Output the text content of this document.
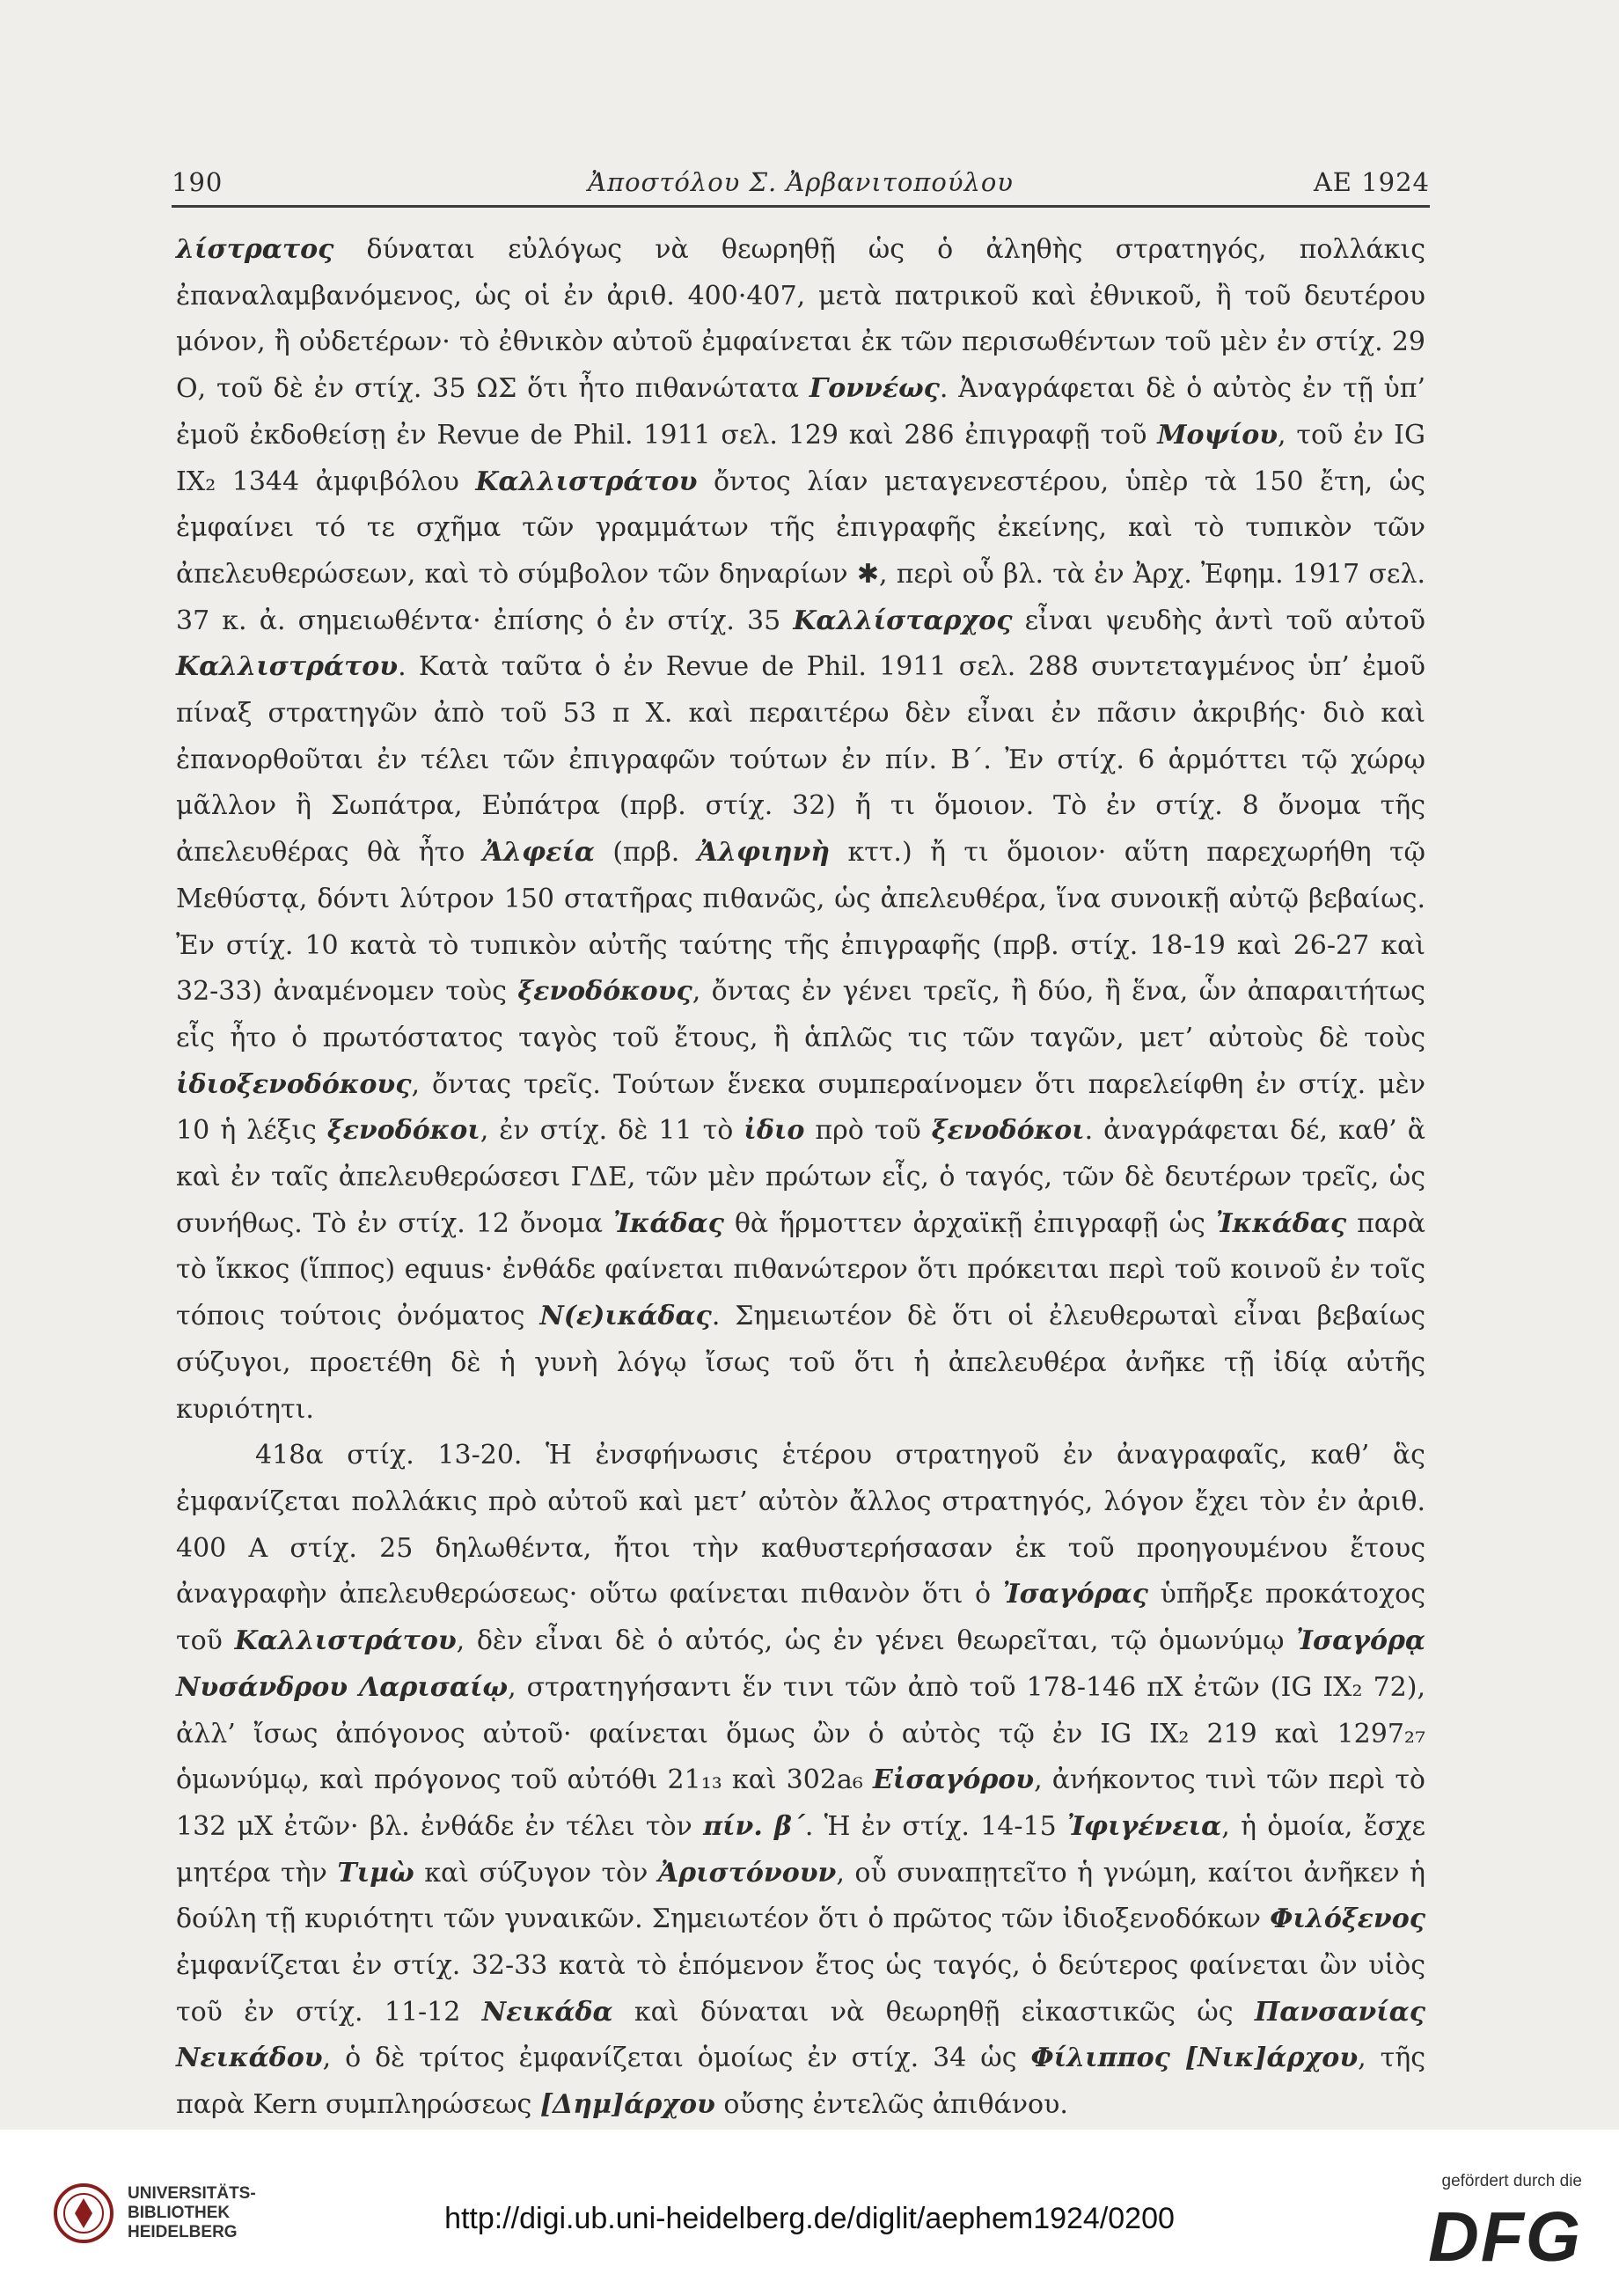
190	Ἀποστόλου Σ. Ἀρβανιτοπούλου	ΑΕ 1924

λίστρατος δύναται εὐλόγως νὰ θεωρηθῇ ὡς ὁ ἀληθὴς στρατηγός, πολλάκις ἐπαναλαμβανόμενος, ὡς οἱ ἐν ἀριθ. 400·407, μετὰ πατρικοῦ καὶ ἐθνικοῦ, ἢ τοῦ δευτέρου μόνον, ἢ οὐδετέρων· τὸ ἐθνικὸν αὐτοῦ ἐμφαίνεται ἐκ τῶν περισωθέντων τοῦ μὲν ἐν στίχ. 29 Ο, τοῦ δὲ ἐν στίχ. 35 ΩΣ ὅτι ἦτο πιθανώτατα Γοννέως. Ἀναγράφεται δὲ ὁ αὐτὸς ἐν τῇ ὑπ’ ἐμοῦ ἐκδοθείσῃ ἐν Revue de Phil. 1911 σελ. 129 καὶ 286 ἐπιγραφῇ τοῦ Μοψίου, τοῦ ἐν IG IX₂ 1344 ἀμφιβόλου Καλλιστράτου ὄντος λίαν μεταγενεστέρου, ὑπὲρ τὰ 150 ἔτη, ὡς ἐμφαίνει τό τε σχῆμα τῶν γραμμάτων τῆς ἐπιγραφῆς ἐκείνης, καὶ τὸ τυπικὸν τῶν ἀπελευθερώσεων, καὶ τὸ σύμβολον τῶν δηναρίων ✱, περὶ οὗ βλ. τὰ ἐν Ἀρχ. Ἐφημ. 1917 σελ. 37 κ. ἀ. σημειωθέντα· ἐπίσης ὁ ἐν στίχ. 35 Καλλίσταρχος εἶναι ψευδὴς ἀντὶ τοῦ αὐτοῦ Καλλιστράτου. Κατὰ ταῦτα ὁ ἐν Revue de Phil. 1911 σελ. 288 συντεταγμένος ὑπ’ ἐμοῦ πίναξ στρατηγῶν ἀπὸ τοῦ 53 π Χ. καὶ περαιτέρω δὲν εἶναι ἐν πᾶσιν ἀκριβής· διὸ καὶ ἐπανορθοῦται ἐν τέλει τῶν ἐπιγραφῶν τούτων ἐν πίν. Β΄. Ἐν στίχ. 6 ἁρμόττει τῷ χώρῳ μᾶλλον ἢ Σωπάτρα, Εὐπάτρα (πρβ. στίχ. 32) ἤ τι ὅμοιον. Τὸ ἐν στίχ. 8 ὄνομα τῆς ἀπελευθέρας θὰ ἦτο Ἀλφεία (πρβ. Ἀλφιηνὴ κττ.) ἤ τι ὅμοιον· αὕτη παρεχωρήθη τῷ Μεθύστᾳ, δόντι λύτρον 150 στατῆρας πιθανῶς, ὡς ἀπελευθέρα, ἵνα συνοικῇ αὐτῷ βεβαίως. Ἐν στίχ. 10 κατὰ τὸ τυπικὸν αὐτῆς ταύτης τῆς ἐπιγραφῆς (πρβ. στίχ. 18-19 καὶ 26-27 καὶ 32-33) ἀναμένομεν τοὺς ξενοδόκους, ὄντας ἐν γένει τρεῖς, ἢ δύο, ἢ ἕνα, ὧν ἀπαραιτήτως εἷς ἦτο ὁ πρωτόστατος ταγὸς τοῦ ἔτους, ἢ ἁπλῶς τις τῶν ταγῶν, μετ’ αὐτοὺς δὲ τοὺς ἰδιοξενοδόκους, ὄντας τρεῖς. Τούτων ἕνεκα συμπεραίνομεν ὅτι παρελείφθη ἐν στίχ. μὲν 10 ἡ λέξις ξενοδόκοι, ἐν στίχ. δὲ 11 τὸ ἰδιο πρὸ τοῦ ξενοδόκοι. ἀναγράφεται δέ, καθ’ ἃ καὶ ἐν ταῖς ἀπελευθερώσεσι ΓΔΕ, τῶν μὲν πρώτων εἷς, ὁ ταγός, τῶν δὲ δευτέρων τρεῖς, ὡς συνήθως. Τὸ ἐν στίχ. 12 ὄνομα Ἰκάδας θὰ ἥρμοττεν ἀρχαϊκῇ ἐπιγραφῇ ὡς Ἰκκάδας παρὰ τὸ ἴκκος (ἵππος) equus· ἐνθάδε φαίνεται πιθανώτερον ὅτι πρόκειται περὶ τοῦ κοινοῦ ἐν τοῖς τόποις τούτοις ὀνόματος Ν(ε)ικάδας. Σημειωτέον δὲ ὅτι οἱ ἐλευθερωταὶ εἶναι βεβαίως σύζυγοι, προετέθη δὲ ἡ γυνὴ λόγῳ ἴσως τοῦ ὅτι ἡ ἀπελευθέρα ἀνῆκε τῇ ἰδίᾳ αὐτῆς κυριότητι.

418α στίχ. 13-20. Ἡ ἐνσφήνωσις ἑτέρου στρατηγοῦ ἐν ἀναγραφαῖς, καθ’ ἃς ἐμφανίζεται πολλάκις πρὸ αὐτοῦ καὶ μετ’ αὐτὸν ἄλλος στρατηγός, λόγον ἔχει τὸν ἐν ἀριθ. 400 Α στίχ. 25 δηλωθέντα, ἤτοι τὴν καθυστερήσασαν ἐκ τοῦ προηγουμένου ἔτους ἀναγραφὴν ἀπελευθερώσεως· οὕτω φαίνεται πιθανὸν ὅτι ὁ Ἰσαγόρας ὑπῆρξε προκάτοχος τοῦ Καλλιστράτου, δὲν εἶναι δὲ ὁ αὐτός, ὡς ἐν γένει θεωρεῖται, τῷ ὁμωνύμῳ Ἰσαγόρᾳ Νυσάνδρου Λαρισαίῳ, στρατηγήσαντι ἕν τινι τῶν ἀπὸ τοῦ 178-146 πΧ ἐτῶν (IG IX₂ 72), ἀλλ’ ἴσως ἀπόγονος αὐτοῦ· φαίνεται ὅμως ὢν ὁ αὐτὸς τῷ ἐν IG IX₂ 219 καὶ 1297₂₇ ὁμωνύμῳ, καὶ πρόγονος τοῦ αὐτόθι 21₁₃ καὶ 302a₆ Εἰσαγόρου, ἀνήκοντος τινὶ τῶν περὶ τὸ 132 μΧ ἐτῶν· βλ. ἐνθάδε ἐν τέλει τὸν πίν. β΄. Ἡ ἐν στίχ. 14-15 Ἰφιγένεια, ἡ ὁμοία, ἔσχε μητέρα τὴν Τιμὼ καὶ σύζυγον τὸν Ἀριστόνουν, οὗ συναπῃτεῖτο ἡ γνώμη, καίτοι ἀνῆκεν ἡ δούλη τῇ κυριότητι τῶν γυναικῶν. Σημειωτέον ὅτι ὁ πρῶτος τῶν ἰδιοξενοδόκων Φιλόξενος ἐμφανίζεται ἐν στίχ. 32-33 κατὰ τὸ ἑπόμενον ἔτος ὡς ταγός, ὁ δεύτερος φαίνεται ὢν υἱὸς τοῦ ἐν στίχ. 11-12 Νεικάδα καὶ δύναται νὰ θεωρηθῇ εἰκαστικῶς ὡς Πανσανίας Νεικάδου, ὁ δὲ τρίτος ἐμφανίζεται ὁμοίως ἐν στίχ. 34 ὡς Φίλιππος [Νικ]άρχου, τῆς παρὰ Kern συμπληρώσεως [Δημ]άρχου οὔσης ἐντελῶς ἀπιθάνου.

UNIVERSITÄTS-
BIBLIOTHEK
HEIDELBERG	http://digi.ub.uni-heidelberg.de/diglit/aephem1924/0200
gefördert durch die
DFG
